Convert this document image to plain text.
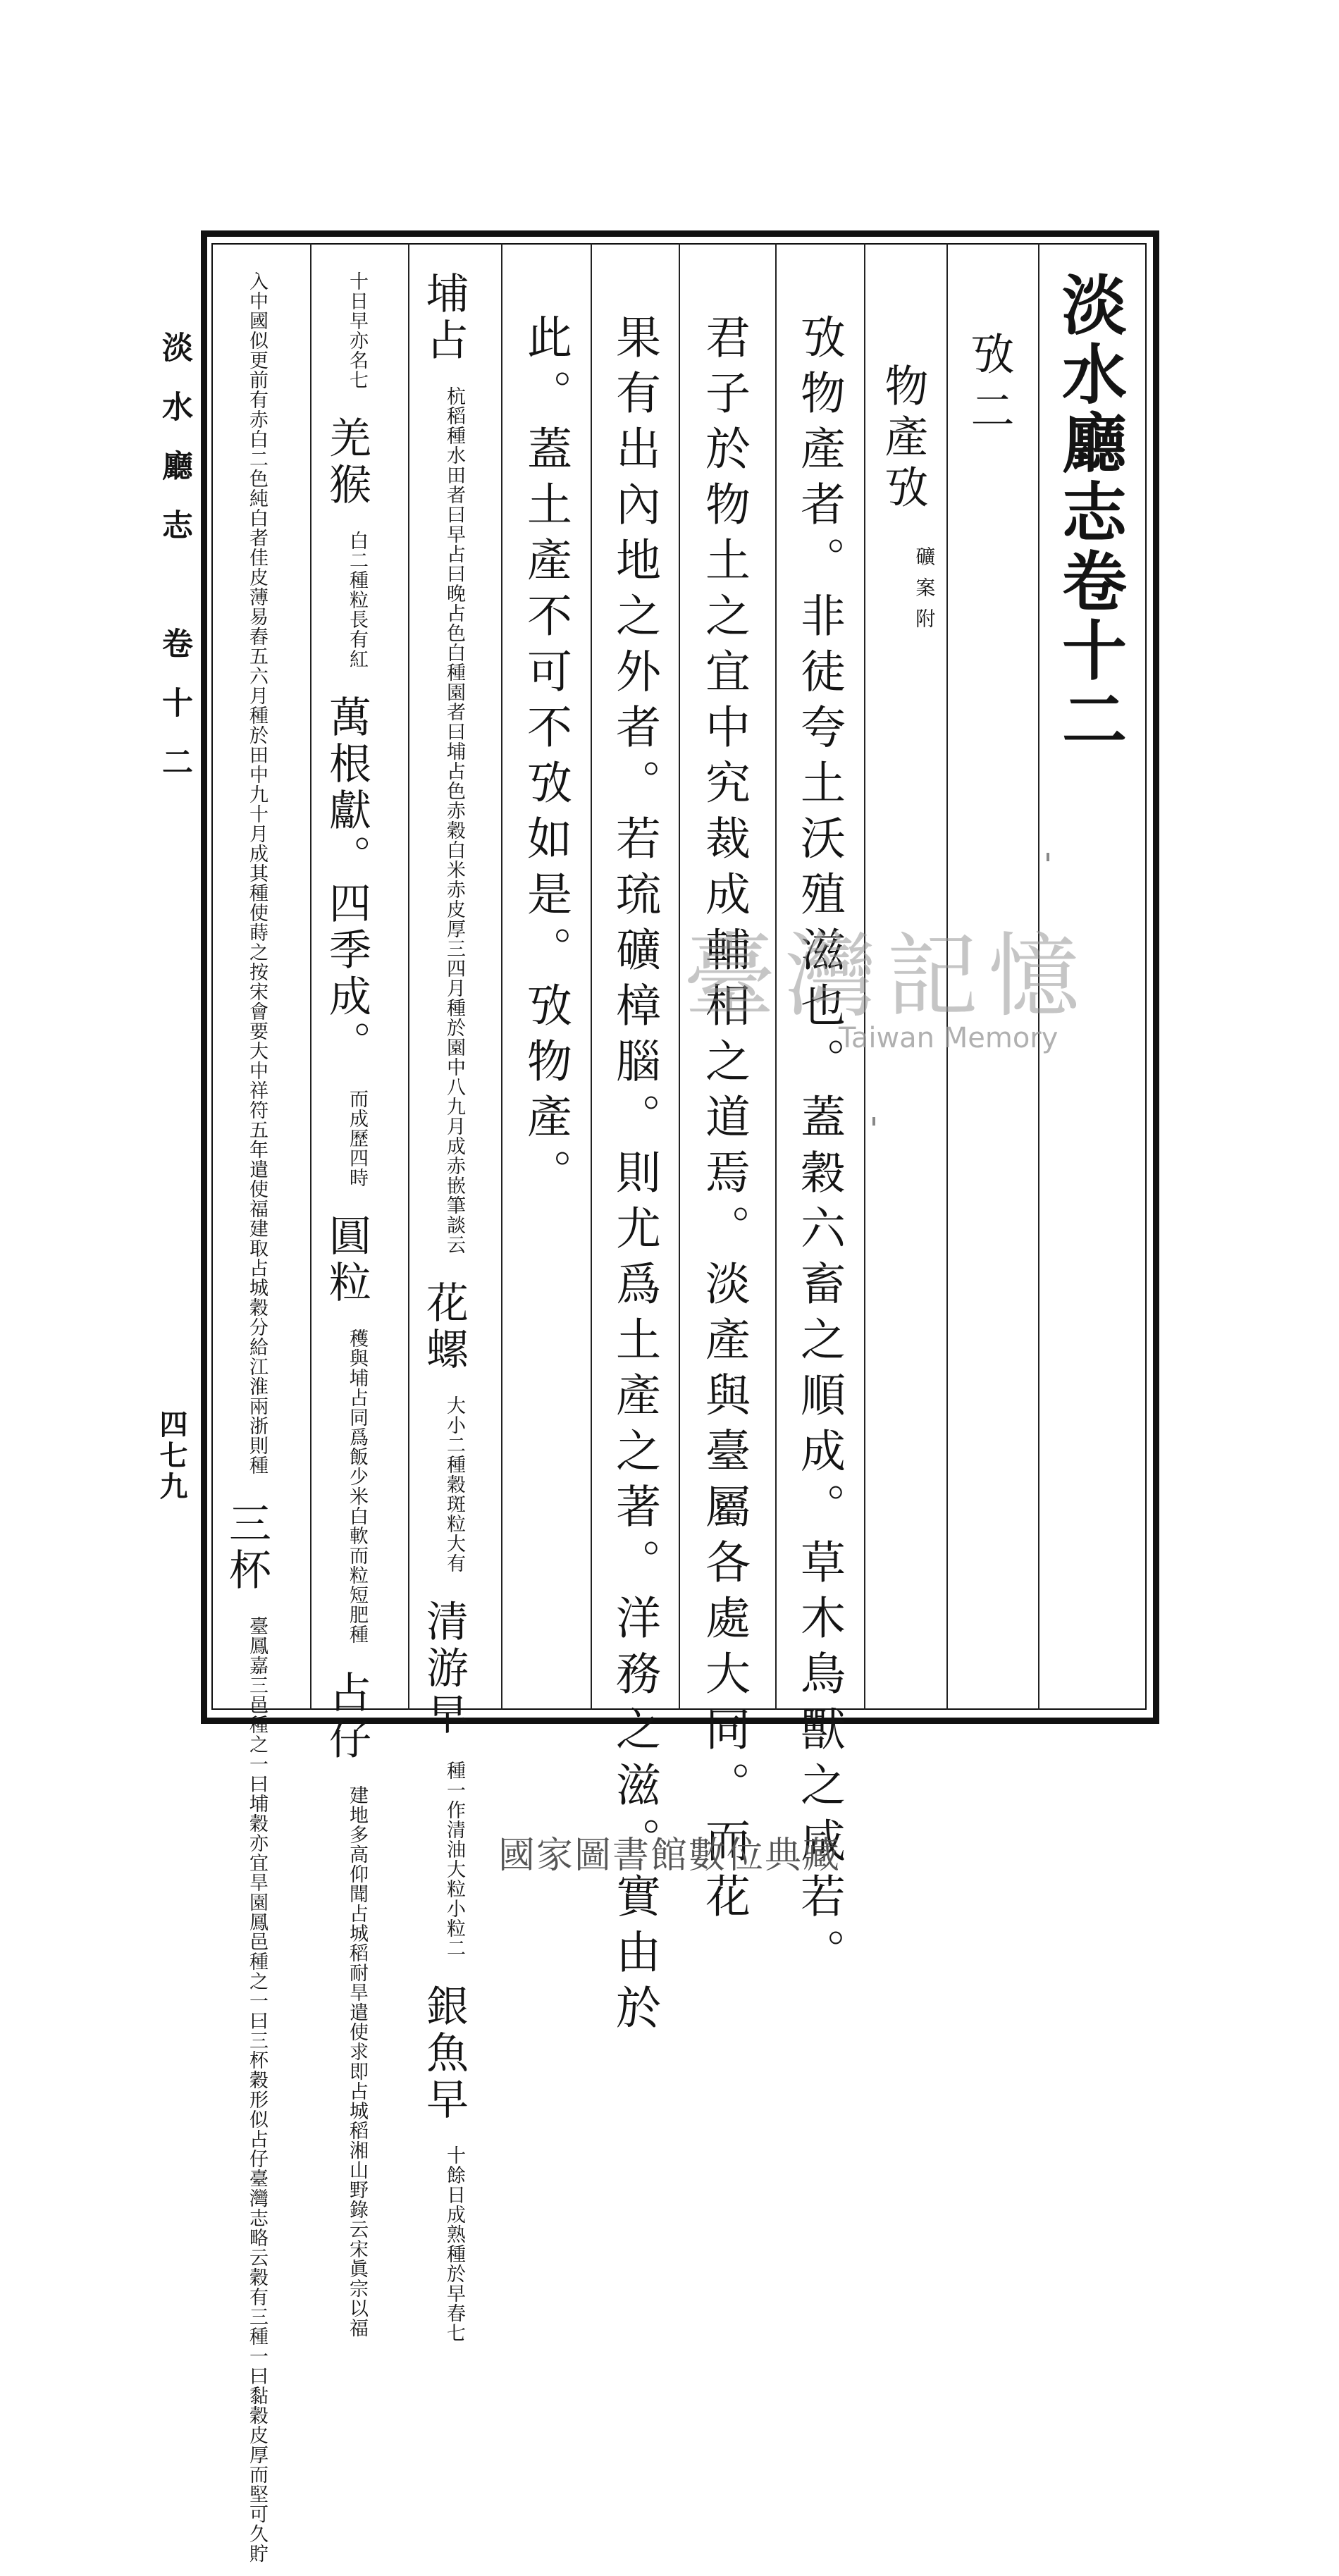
淡水廳志　卷十二
四七九
淡水廳志卷十二
攷二
物產攷
礦案附
攷物產者。非徒夸土沃殖滋也。蓋穀六畜之順成。草木鳥獸之咸若。
君子於物土之宜中究裁成輔相之道焉。淡產與臺屬各處大同。而花
果有出內地之外者。若琉礦樟腦。則尤爲土產之著。洋務之滋。實由於
此。蓋土產不可不攷如是。攷物產。
埔占
穀白米赤皮厚三四月種於園中八九月成赤嵌筆談云
杭稻種水田者曰早占曰晚占色白種園者曰埔占色赤
花螺
穀斑粒大有
大小二種
清游早
大粒小粒二
種一作清油
銀魚早
種於早春七
十餘日成熟
亦名七
十日早
羌猴
粒長有紅
白二種
萬根獻。四季成。
歷四時
而成
圓粒
米白軟而粒短肥種
穫與埔占同爲飯少
占仔
即占城稻湘山野錄云宋眞宗以福
建地多高仰聞占城稻耐旱遣使求
其種使蒔之按宋會要大中祥符五年遣使福建取占城穀分給江淮兩浙則種
入中國似更前有赤白二色純白者佳皮薄易舂五六月種於田中九十月成
三杯
形似占仔臺灣志略云穀有三種一曰黏穀皮厚而堅可久貯
臺鳳嘉三邑種之一曰埔穀亦宜旱園鳳邑種之一曰三杯穀
臺灣記憶
Taiwan Memory
國家圖書館數位典藏
